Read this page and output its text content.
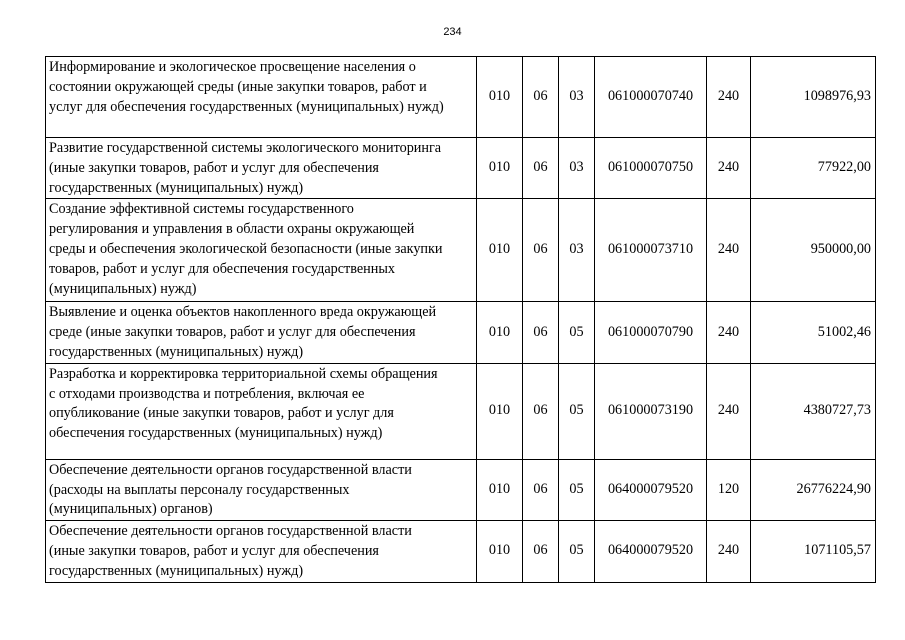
234
Информирование и экологическое просвещение населения о
состоянии окружающей среды (иные закупки товаров, работ и
услуг для обеспечения государственных (муниципальных) нужд)	010	06	03	061000070740	240	1098976,93

Развитие государственной системы экологического мониторинга
(иные закупки товаров, работ и услуг для обеспечения
государственных (муниципальных) нужд)	010	06	03	061000070750	240	77922,00

Создание эффективной системы государственного
регулирования и управления в области охраны окружающей
среды и обеспечения экологической безопасности (иные закупки
товаров, работ и услуг для обеспечения государственных
(муниципальных) нужд)	010	06	03	061000073710	240	950000,00

Выявление и оценка объектов накопленного вреда окружающей
среде (иные закупки товаров, работ и услуг для обеспечения
государственных (муниципальных) нужд)	010	06	05	061000070790	240	51002,46

Разработка и корректировка территориальной схемы обращения
с отходами производства и потребления, включая ее
опубликование (иные закупки товаров, работ и услуг для
обеспечения государственных (муниципальных) нужд)	010	06	05	061000073190	240	4380727,73

Обеспечение деятельности органов государственной власти
(расходы на выплаты персоналу государственных
(муниципальных) органов)	010	06	05	064000079520	120	26776224,90

Обеспечение деятельности органов государственной власти
(иные закупки товаров, работ и услуг для обеспечения
государственных (муниципальных) нужд)	010	06	05	064000079520	240	1071105,57
